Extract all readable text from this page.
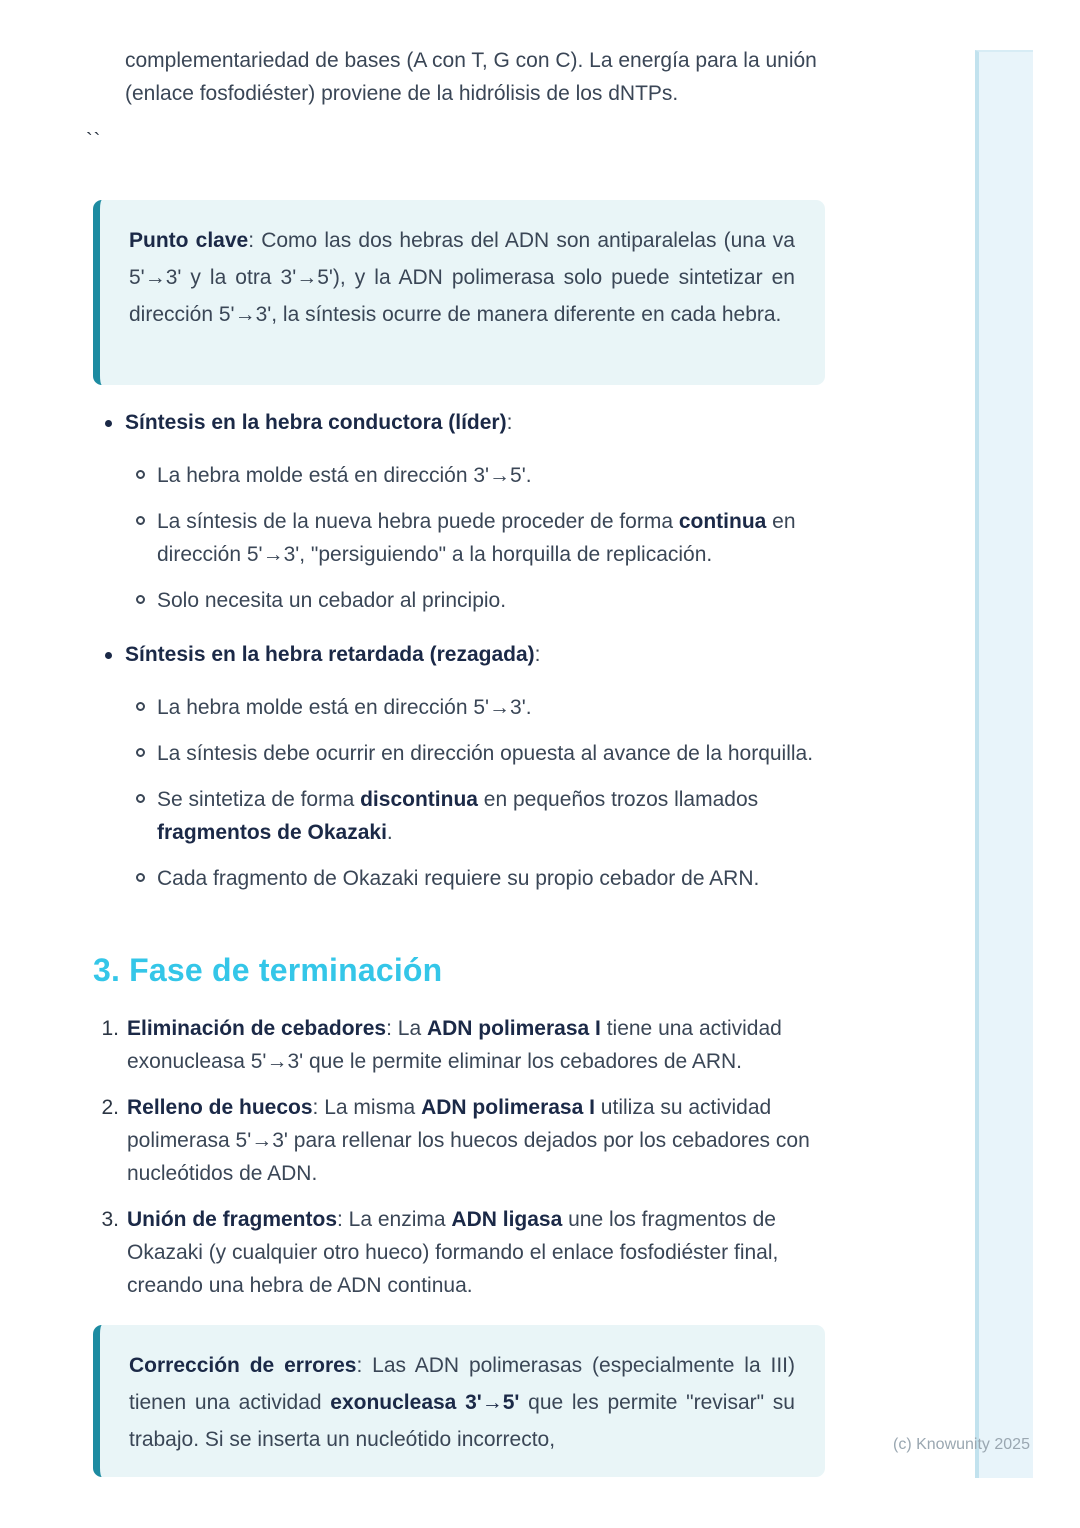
complementariedad de bases (A con T, G con C). La energía para la unión (enlace fosfodiéster) proviene de la hidrólisis de los dNTPs.

``

Punto clave: Como las dos hebras del ADN son antiparalelas (una va 5'→3' y la otra 3'→5'), y la ADN polimerasa solo puede sintetizar en dirección 5'→3', la síntesis ocurre de manera diferente en cada hebra.

Síntesis en la hebra conductora (líder):
La hebra molde está en dirección 3'→5'.
La síntesis de la nueva hebra puede proceder de forma continua en dirección 5'→3', "persiguiendo" a la horquilla de replicación.
Solo necesita un cebador al principio.
Síntesis en la hebra retardada (rezagada):
La hebra molde está en dirección 5'→3'.
La síntesis debe ocurrir en dirección opuesta al avance de la horquilla.
Se sintetiza de forma discontinua en pequeños trozos llamados fragmentos de Okazaki.
Cada fragmento de Okazaki requiere su propio cebador de ARN.
3. Fase de terminación
1. Eliminación de cebadores: La ADN polimerasa I tiene una actividad exonucleasa 5'→3' que le permite eliminar los cebadores de ARN.
2. Relleno de huecos: La misma ADN polimerasa I utiliza su actividad polimerasa 5'→3' para rellenar los huecos dejados por los cebadores con nucleótidos de ADN.
3. Unión de fragmentos: La enzima ADN ligasa une los fragmentos de Okazaki (y cualquier otro hueco) formando el enlace fosfodiéster final, creando una hebra de ADN continua.

Corrección de errores: Las ADN polimerasas (especialmente la III) tienen una actividad exonucleasa 3'→5' que les permite "revisar" su trabajo. Si se inserta un nucleótido incorrecto,	(c) Knowunity 2025
